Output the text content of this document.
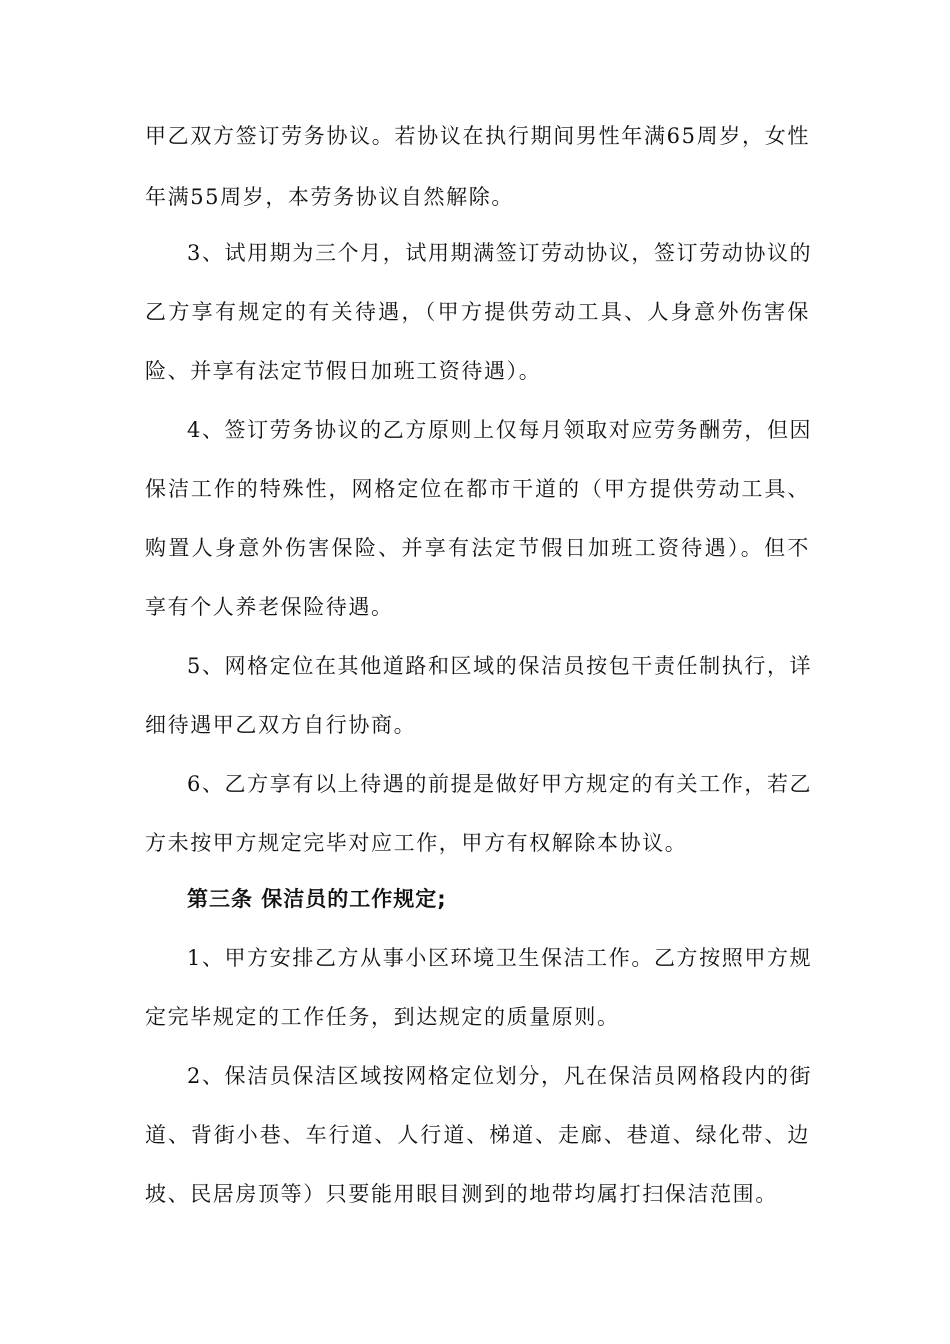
甲乙双方签订劳务协议。若协议在执行期间男性年满65周岁，女性
年满55周岁，本劳务协议自然解除。
3、试用期为三个月，试用期满签订劳动协议，签订劳动协议的
乙方享有规定的有关待遇，（甲方提供劳动工具、人身意外伤害保
险、并享有法定节假日加班工资待遇）。
4、签订劳务协议的乙方原则上仅每月领取对应劳务酬劳，但因
保洁工作的特殊性，网格定位在都市干道的（甲方提供劳动工具、
购置人身意外伤害保险、并享有法定节假日加班工资待遇）。但不
享有个人养老保险待遇。
5、网格定位在其他道路和区域的保洁员按包干责任制执行，详
细待遇甲乙双方自行协商。
6、乙方享有以上待遇的前提是做好甲方规定的有关工作，若乙
方未按甲方规定完毕对应工作，甲方有权解除本协议。
第三条 保洁员的工作规定;
1、甲方安排乙方从事小区环境卫生保洁工作。乙方按照甲方规
定完毕规定的工作任务，到达规定的质量原则。
2、保洁员保洁区域按网格定位划分，凡在保洁员网格段内的街
道、背街小巷、车行道、人行道、梯道、走廊、巷道、绿化带、边
坡、民居房顶等）只要能用眼目测到的地带均属打扫保洁范围。
